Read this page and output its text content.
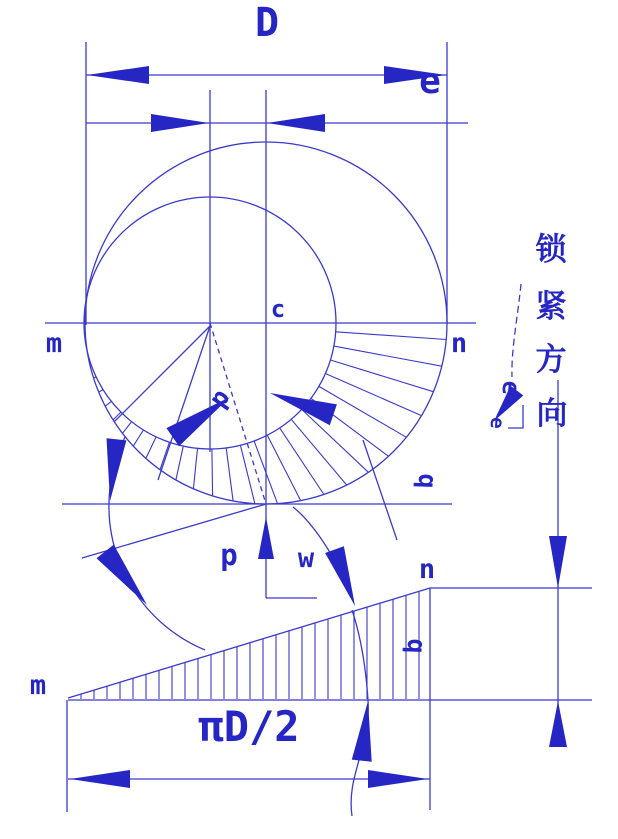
D
e
c
m	n
d
q
p w	n
q
m
πD/2
e
e
锁
紧
方
向
